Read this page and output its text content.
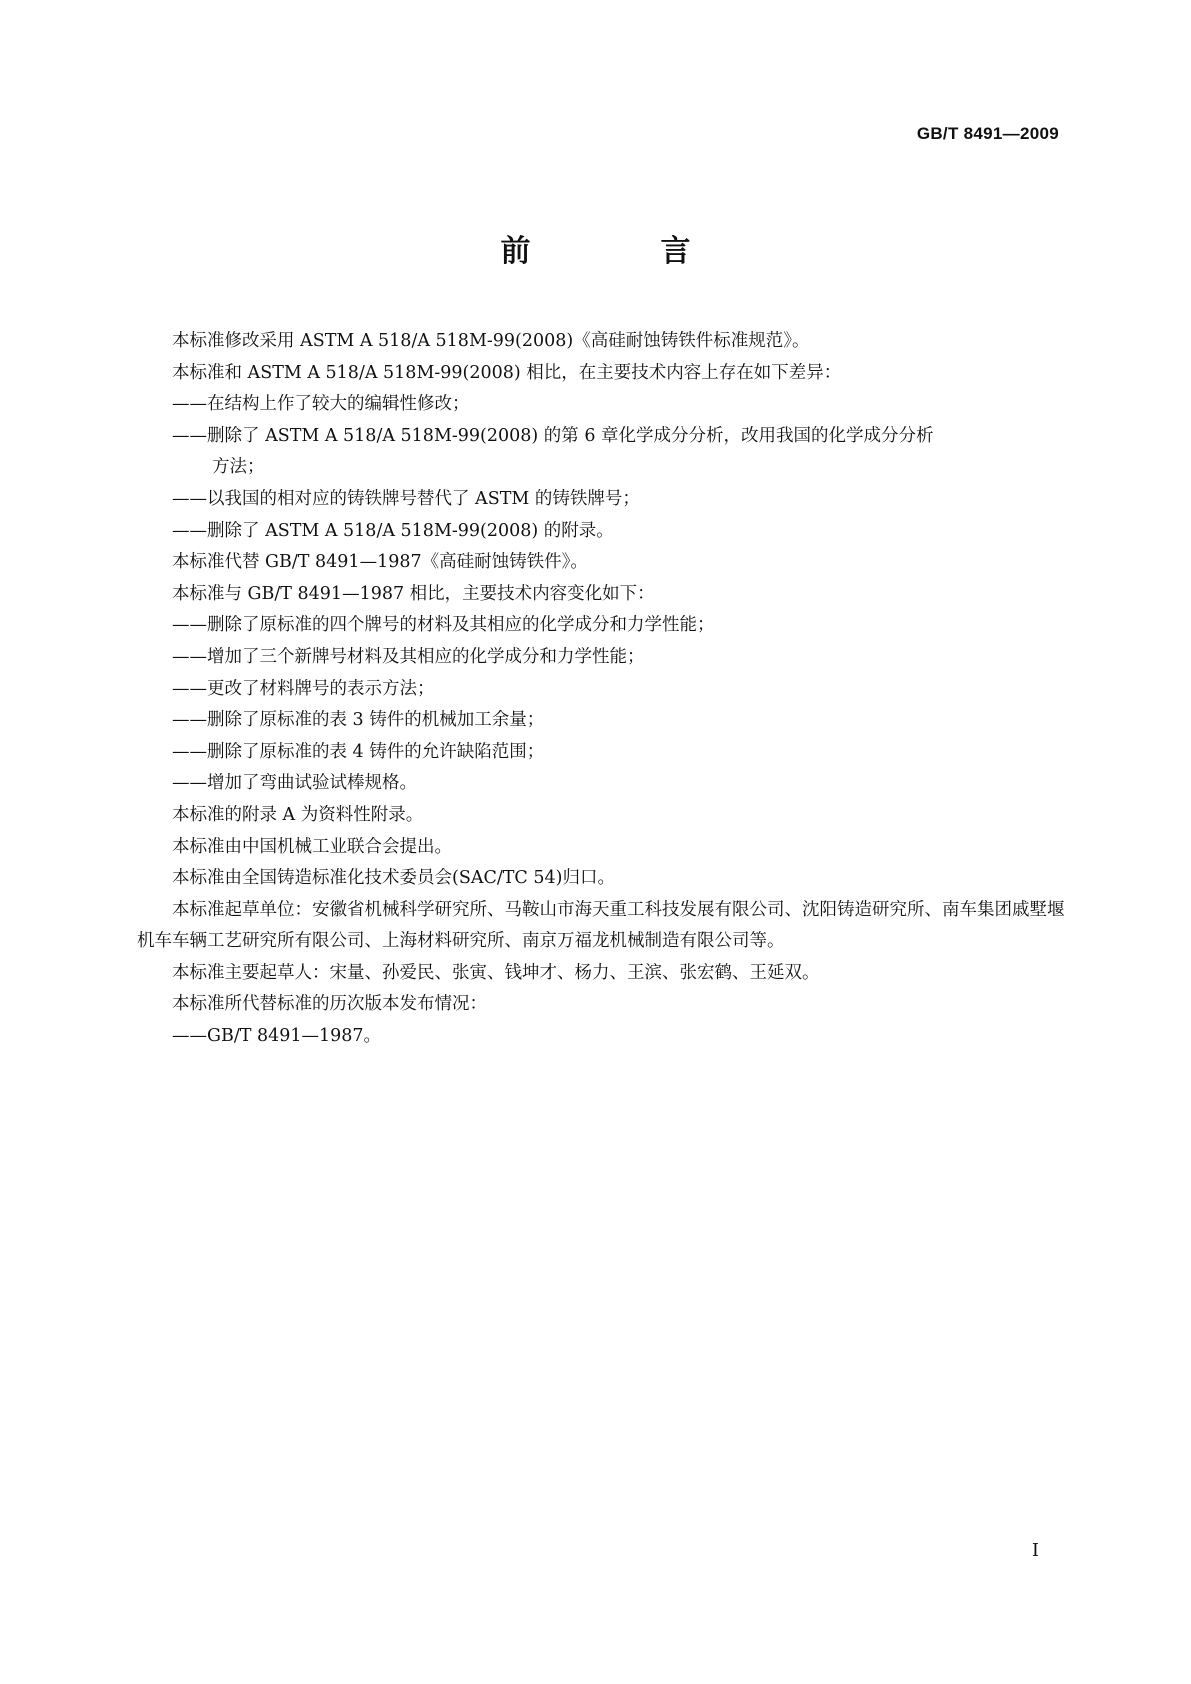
GB/T 8491—2009
前　言

本标准修改采用 ASTM A 518/A 518M-99(2008)《高硅耐蚀铸铁件标准规范》。

本标准和 ASTM A 518/A 518M-99(2008) 相比，在主要技术内容上存在如下差异：

——在结构上作了较大的编辑性修改；

——删除了 ASTM A 518/A 518M-99(2008) 的第 6 章化学成分分析，改用我国的化学成分分析
方法；

——以我国的相对应的铸铁牌号替代了 ASTM 的铸铁牌号；

——删除了 ASTM A 518/A 518M-99(2008) 的附录。

本标准代替 GB/T 8491—1987《高硅耐蚀铸铁件》。

本标准与 GB/T 8491—1987 相比，主要技术内容变化如下：

——删除了原标准的四个牌号的材料及其相应的化学成分和力学性能；

——增加了三个新牌号材料及其相应的化学成分和力学性能；

——更改了材料牌号的表示方法；

——删除了原标准的表 3 铸件的机械加工余量；

——删除了原标准的表 4 铸件的允许缺陷范围；

——增加了弯曲试验试棒规格。

本标准的附录 A 为资料性附录。

本标准由中国机械工业联合会提出。

本标准由全国铸造标准化技术委员会(SAC/TC 54)归口。

本标准起草单位：安徽省机械科学研究所、马鞍山市海天重工科技发展有限公司、沈阳铸造研究所、南车集团戚墅堰机车车辆工艺研究所有限公司、上海材料研究所、南京万福龙机械制造有限公司等。

本标准主要起草人：宋量、孙爱民、张寅、钱坤才、杨力、王滨、张宏鹤、王延双。

本标准所代替标准的历次版本发布情况：

——GB/T 8491—1987。

I
